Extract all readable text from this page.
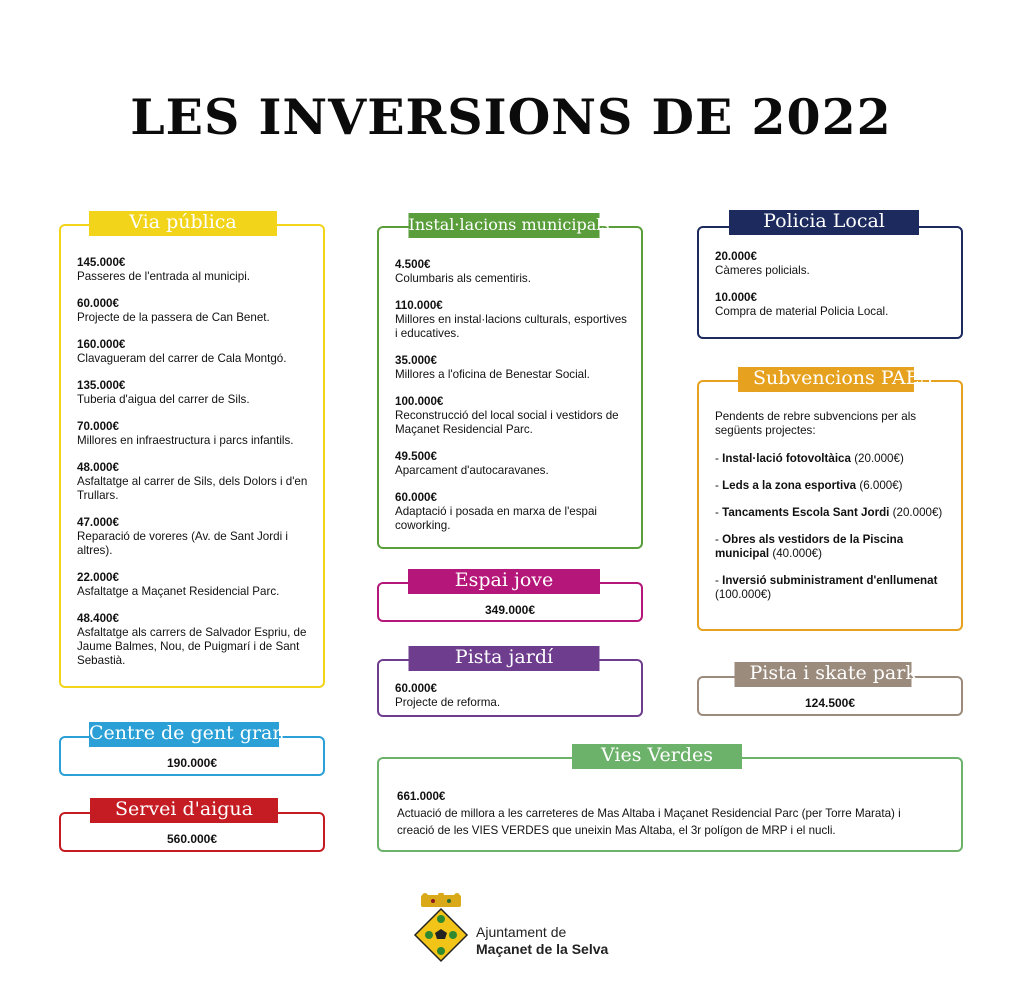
LES INVERSIONS DE 2022
145.000€
Passeres de l'entrada al municipi.
60.000€
Projecte de la passera de Can Benet.
160.000€
Clavagueram del carrer de Cala Montgó.
135.000€
Tuberia d'aigua del carrer de Sils.
70.000€
Millores en infraestructura i parcs infantils.
48.000€
Asfaltatge al carrer de Sils, dels Dolors i d'en Trullars.
47.000€
Reparació de voreres (Av. de Sant Jordi i altres).
22.000€
Asfaltatge a Maçanet Residencial Parc.
48.400€
Asfaltatge als carrers de Salvador Espriu, de Jaume Balmes, Nou, de Puigmarí i de Sant Sebastià.
Via pública
4.500€
Columbaris als cementiris.
110.000€
Millores en instal·lacions culturals, esportives i educatives.
35.000€
Millores a l'oficina de Benestar Social.
100.000€
Reconstrucció del local social i vestidors de Maçanet Residencial Parc.
49.500€
Aparcament d'autocaravanes.
60.000€
Adaptació i posada en marxa de l'espai coworking.
Instal·lacions municipals
20.000€
Càmeres policials.
10.000€
Compra de material Policia Local.
Policia Local
Pendents de rebre subvencions per als següents projectes:
- Instal·lació fotovoltàica (20.000€)
- Leds a la zona esportiva (6.000€)
- Tancaments Escola Sant Jordi (20.000€)
- Obres als vestidors de la Piscina municipal (40.000€)
- Inversió subministrament d'enllumenat (100.000€)
Subvencions PAES
349.000€
Espai jove
60.000€
Projecte de reforma.
Pista jardí
124.500€
Pista i skate park
190.000€
Centre de gent gran
560.000€
Servei d'aigua
661.000€
Actuació de millora a les carreteres de Mas Altaba i Maçanet Residencial Parc (per Torre Marata) i creació de les VIES VERDES que uneixin Mas Altaba, el 3r polígon de MRP i el nucli.
Vies Verdes
Ajuntament de
Maçanet de la Selva
